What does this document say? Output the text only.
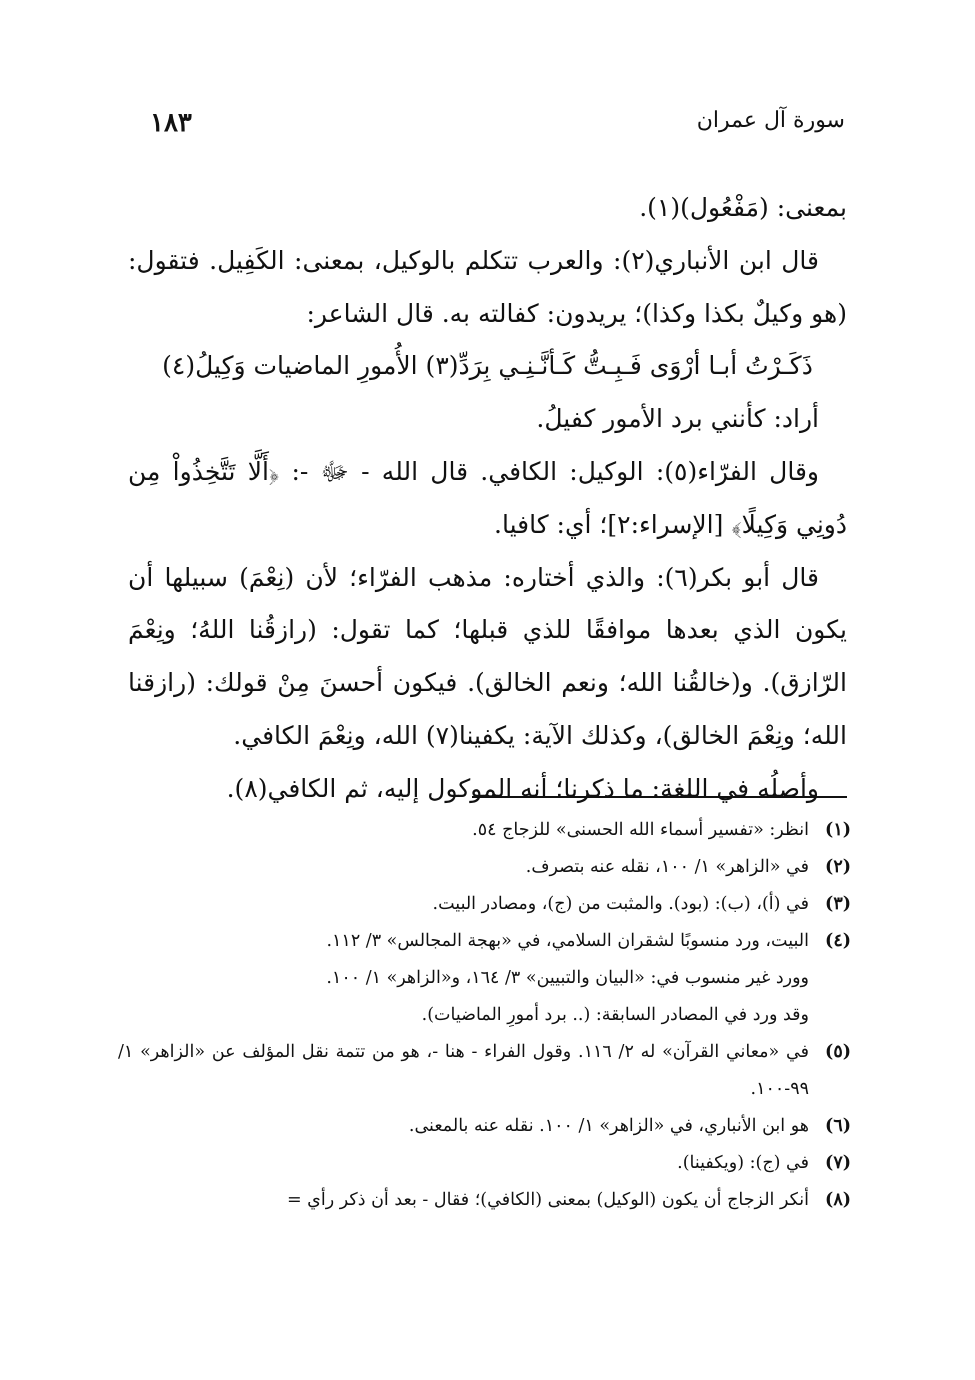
سورة آل عمران
١٨٣

بمعنى: (مَفْعُول)(١).

قال ابن الأنباري(٢): والعرب تتكلم بالوكيل، بمعنى: الكَفِيل. فتقول: (هو وكيلٌ بكذا وكذا)؛ يريدون: كفالته به. قال الشاعر:

ذَكَـرْتُ أبـا أرْوَى فَـبِـتُّ كَـأنَّـنِـي بِرَدِّ(٣) الأُمورِ الماضيات وَكِيلُ(٤)

أراد: كأنني برد الأمور كفيلُ.

وقال الفرّاء(٥): الوكيل: الكافي. قال الله - ﷻ -: ﴿أَلَّا تَتَّخِذُواْ مِن دُونِي وَكِيلًا﴾ [الإسراء:٢]؛ أي: كافيا.

قال أبو بكر(٦): والذي أختاره: مذهب الفرّاء؛ لأن (نِعْمَ) سبيلها أن يكون الذي بعدها موافقًا للذي قبلها؛ كما تقول: (رازقُنا اللهُ؛ ونِعْمَ الرّازق). و(خالقُنا الله؛ ونعم الخالق). فيكون أحسنَ مِنْ قولك: (رازقنا الله؛ ونِعْمَ الخالق)، وكذلك الآية: يكفينا(٧) الله، ونِعْمَ الكافي.

وأصلُه في اللغة: ما ذكرنا؛ أنه الموكول إليه، ثم الكافي(٨).

(١)
انظر: «تفسير أسماء الله الحسنى» للزجاج ٥٤.
(٢)
في «الزاهر» ١/ ١٠٠، نقله عنه بتصرف.
(٣)
في (أ)، (ب): (بود). والمثبت من (ج)، ومصادر البيت.
(٤)
البيت، ورد منسوبًا لشقران السلامي، في «بهجة المجالس» ٣/ ١١٢.
وورد غير منسوب في: «البيان والتبيين» ٣/ ١٦٤، و«الزاهر» ١/ ١٠٠.
وقد ورد في المصادر السابقة: (.. برد أمورِ الماضيات).
(٥)
في «معاني القرآن» له ٢/ ١١٦. وقول الفراء - هنا -، هو من تتمة نقل المؤلف عن «الزاهر» ١/ ٩٩-١٠٠.
(٦)
هو ابن الأنباري، في «الزاهر» ١/ ١٠٠. نقله عنه بالمعنى.
(٧)
في (ج): (ويكفينا).
(٨)
أنكر الزجاج أن يكون (الوكيل) بمعنى (الكافي)؛ فقال - بعد أن ذكر رأي =
